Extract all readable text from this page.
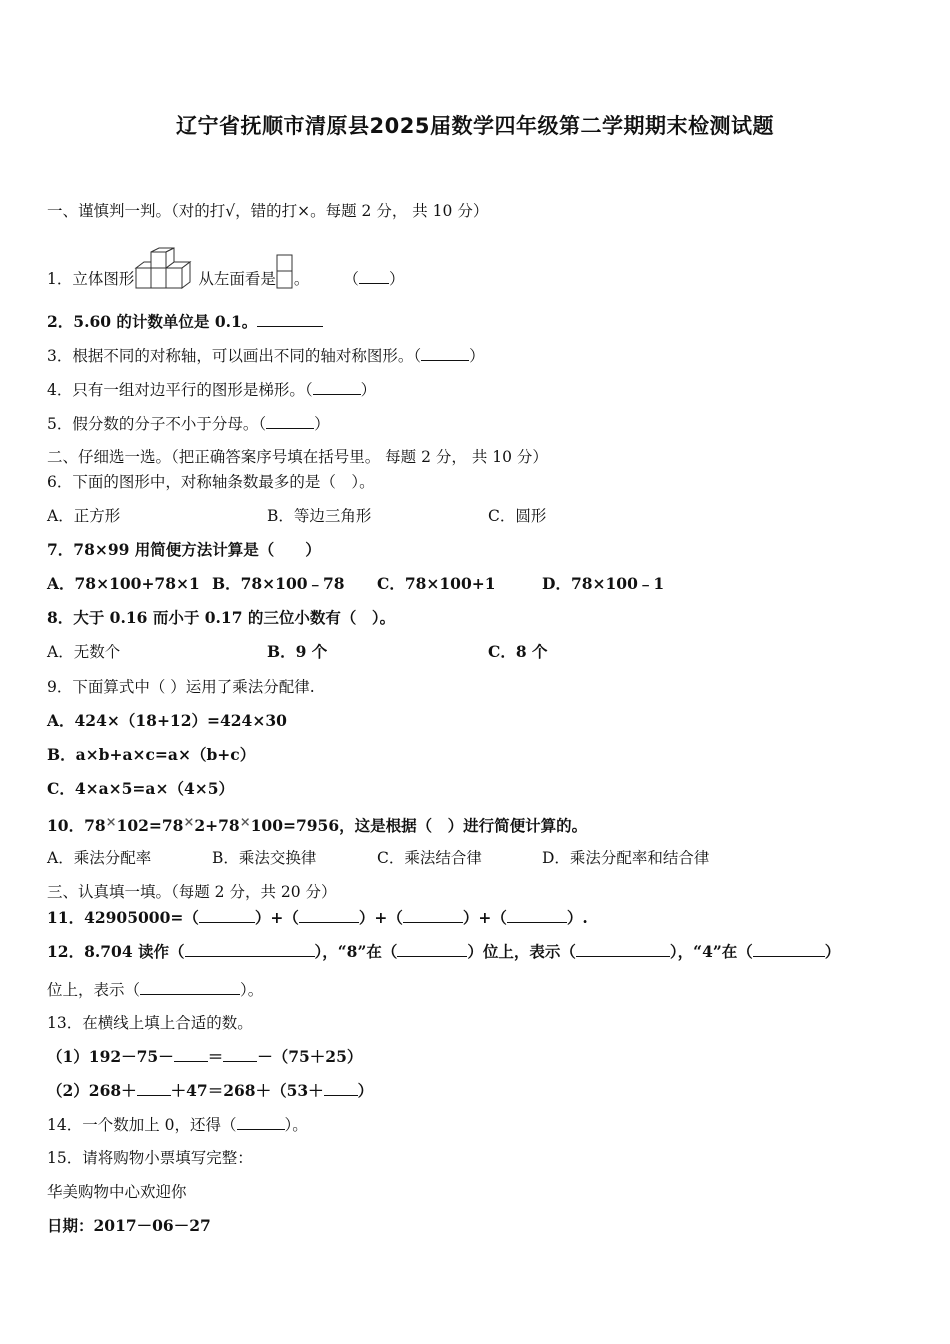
辽宁省抚顺市清原县2025届数学四年级第二学期期末检测试题
一、谨慎判一判。（对的打√，错的打×。每题 2 分， 共 10 分）
1．立体图形	从左面看是 。 （ ）
2．5.60 的计数单位是 0.1。
3．根据不同的对称轴，可以画出不同的轴对称图形。（	）
4．只有一组对边平行的图形是梯形。（	）
5．假分数的分子不小于分母。（	）
二、仔细选一选。（把正确答案序号填在括号里。 每题 2 分， 共 10 分）
6．下面的图形中，对称轴条数最多的是（　）。
A．正方形	B．等边三角形	C．圆形
7．78×99 用简便方法计算是（　　）
A．78×100+78×1 B．78×100﹣78 C．78×100+1	D．78×100﹣1
8．大于 0.16 而小于 0.17 的三位小数有（　）。
A．无数个	B．9 个	C．8 个
9．下面算式中（ ）运用了乘法分配律.
A．424×（18+12）=424×30
B．a×b+a×c=a×（b+c）
C．4×a×5=a×（4×5）
10．78×102=78×2+78×100=7956，这是根据（　）进行简便计算的。
A．乘法分配率	B．乘法交换律	C．乘法结合律	D．乘法分配率和结合律
三、认真填一填。（每题 2 分，共 20 分）
11．42905000=（	）+（	）+（	）+（	）.
12．8.704 读作（	），“8”在（	）位上，表示（	），“4”在（	）
位上，表示（	）。
13．在横线上填上合适的数。
（1）192－75－ ＝ －（75＋25）
（2）268＋ ＋47＝268＋（53＋ ）
14．一个数加上 0，还得（	）。
15．请将购物小票填写完整：
华美购物中心欢迎你
日期：2017－06－27
